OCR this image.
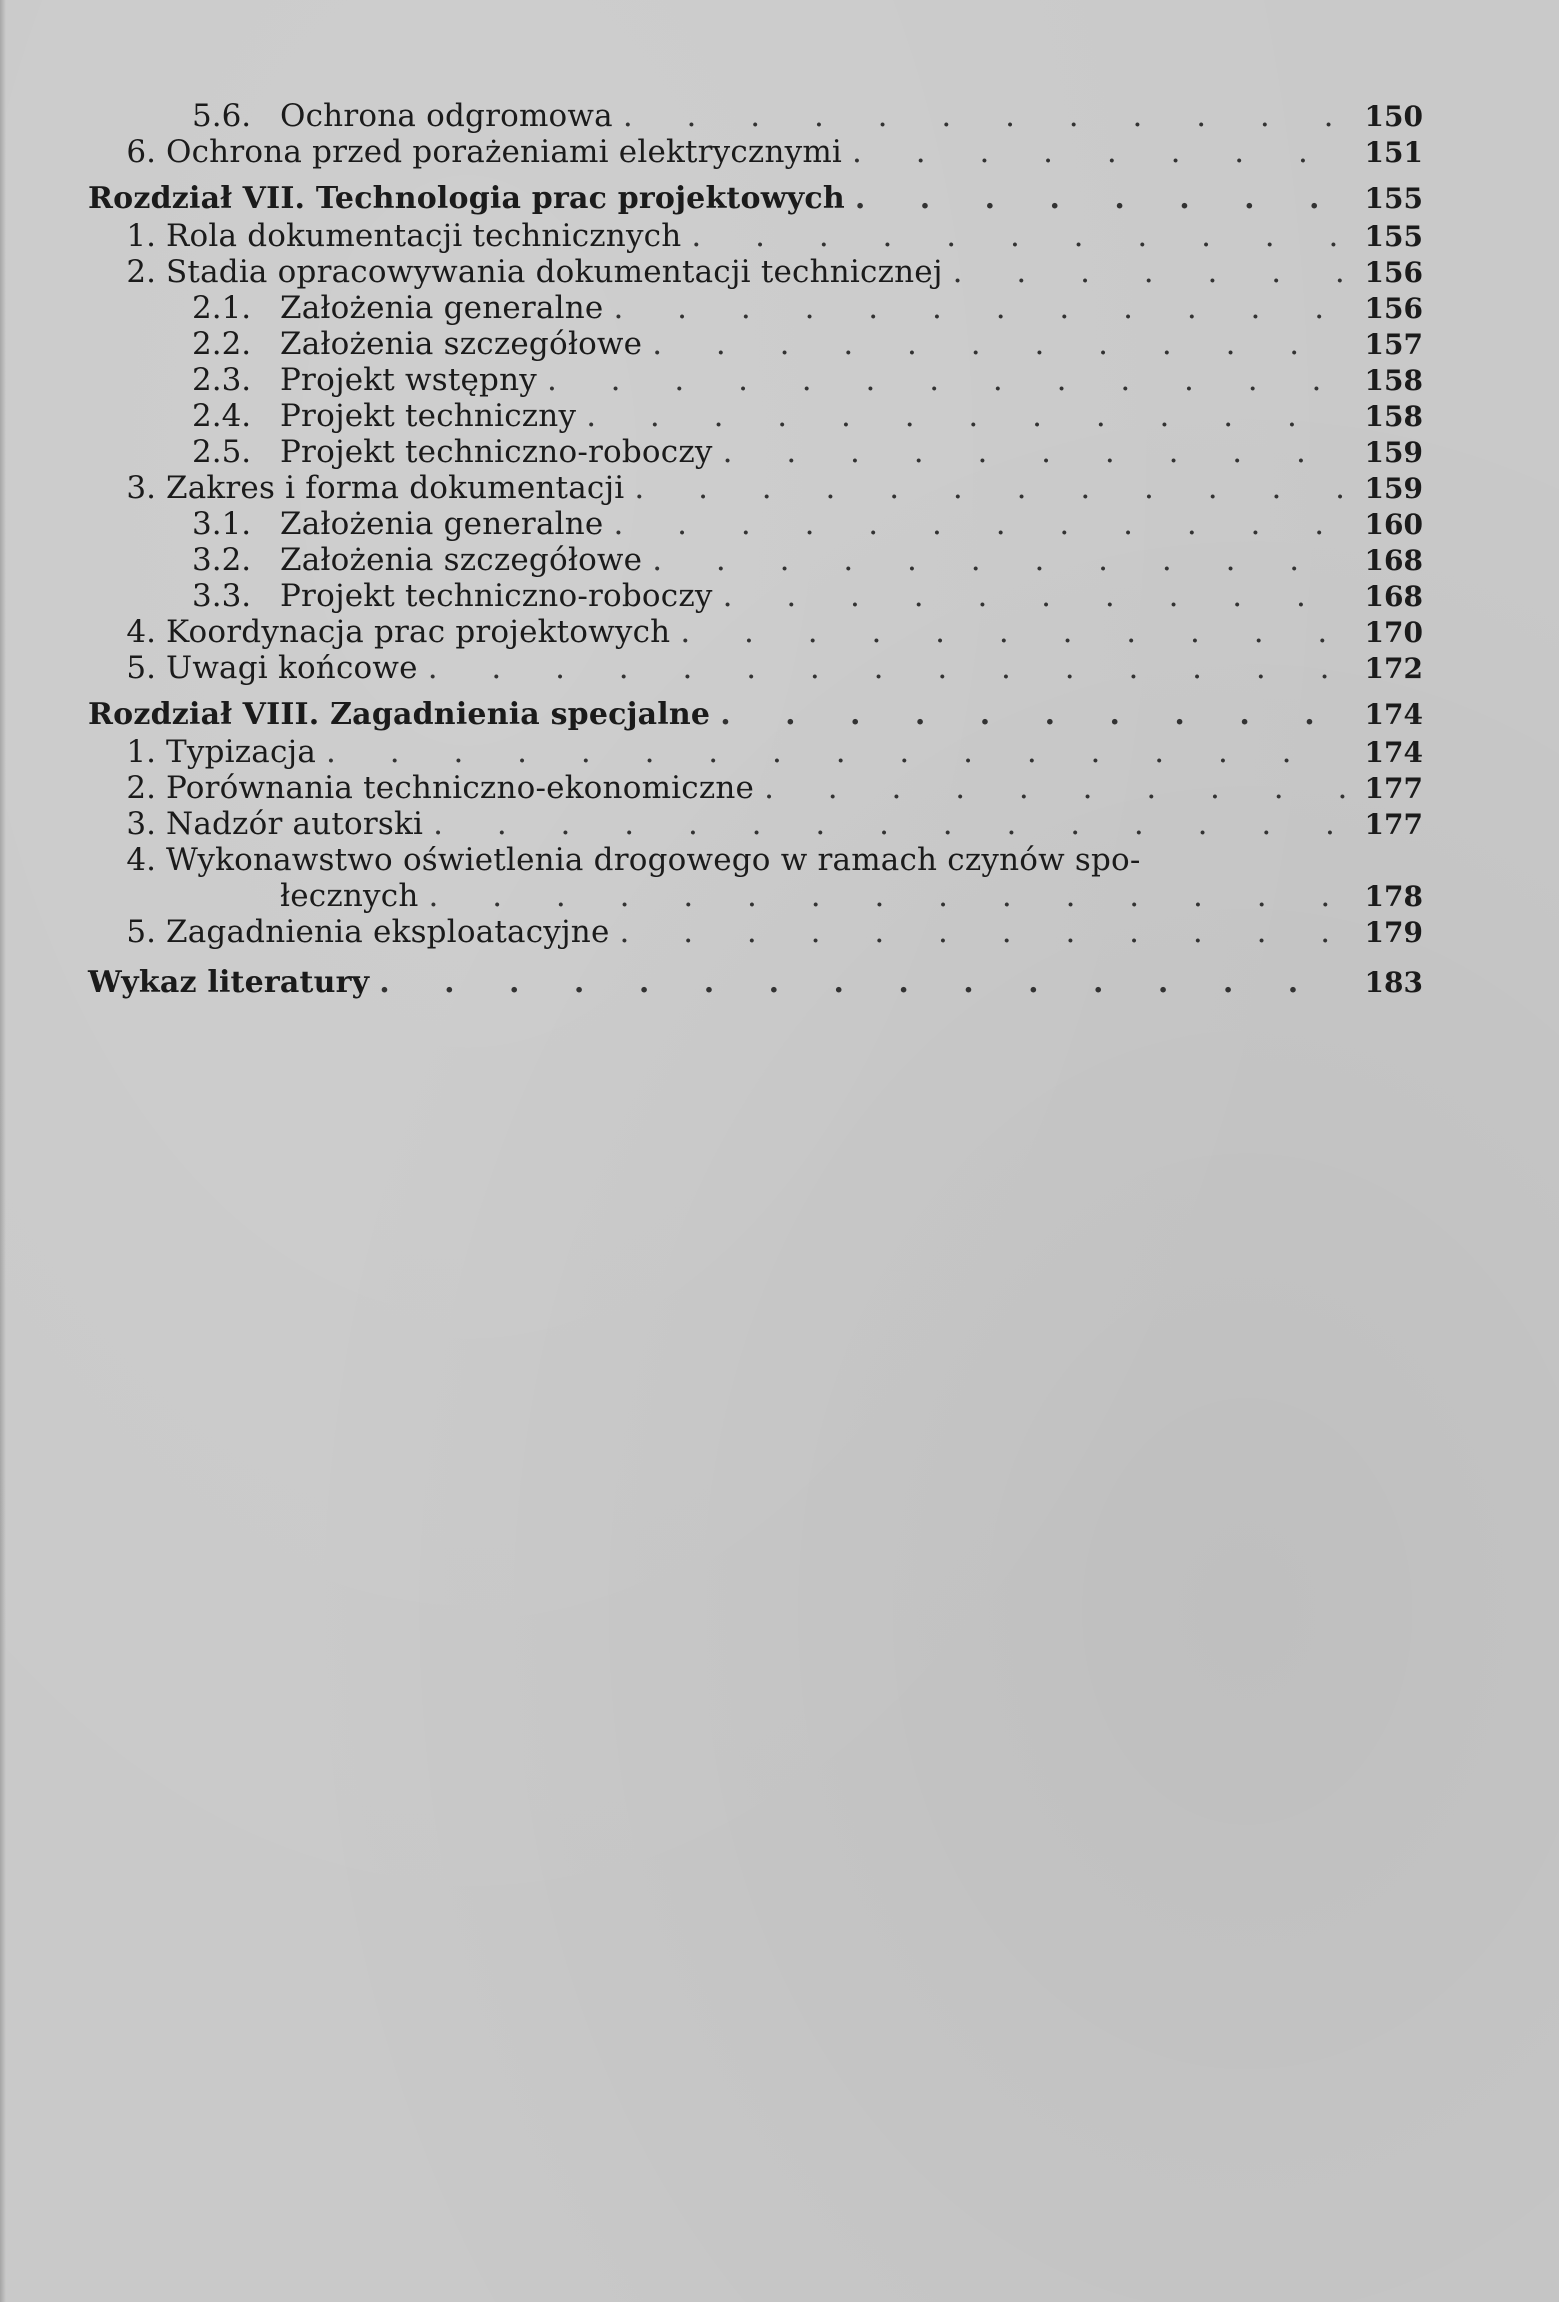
5.6. Ochrona odgromowa . . .	150
6. Ochrona przed porażeniami elektrycznymi . . .	151
Rozdział VII. Technologia prac projektowych . . .	155
1. Rola dokumentacji technicznych . . .	155
2. Stadia opracowywania dokumentacji technicznej . . .	156
2.1. Założenia generalne . . .	156
2.2. Założenia szczegółowe . . .	157
2.3. Projekt wstępny . . .	158
2.4. Projekt techniczny . . .	158
2.5. Projekt techniczno-roboczy . . .	159
3. Zakres i forma dokumentacji . . .	159
3.1. Założenia generalne . . .	160
3.2. Założenia szczegółowe . . .	168
3.3. Projekt techniczno-roboczy . . .	168
4. Koordynacja prac projektowych . . .	170
5. Uwagi końcowe . . .	172
Rozdział VIII. Zagadnienia specjalne . . .	174
1. Typizacja . . .	174
2. Porównania techniczno-ekonomiczne . . .	177
3. Nadzór autorski . . .	177
4. Wykonawstwo oświetlenia drogowego w ramach czynów spo-
łecznych . . .	178
5. Zagadnienia eksploatacyjne . . .	179
Wykaz literatury . . .	183
